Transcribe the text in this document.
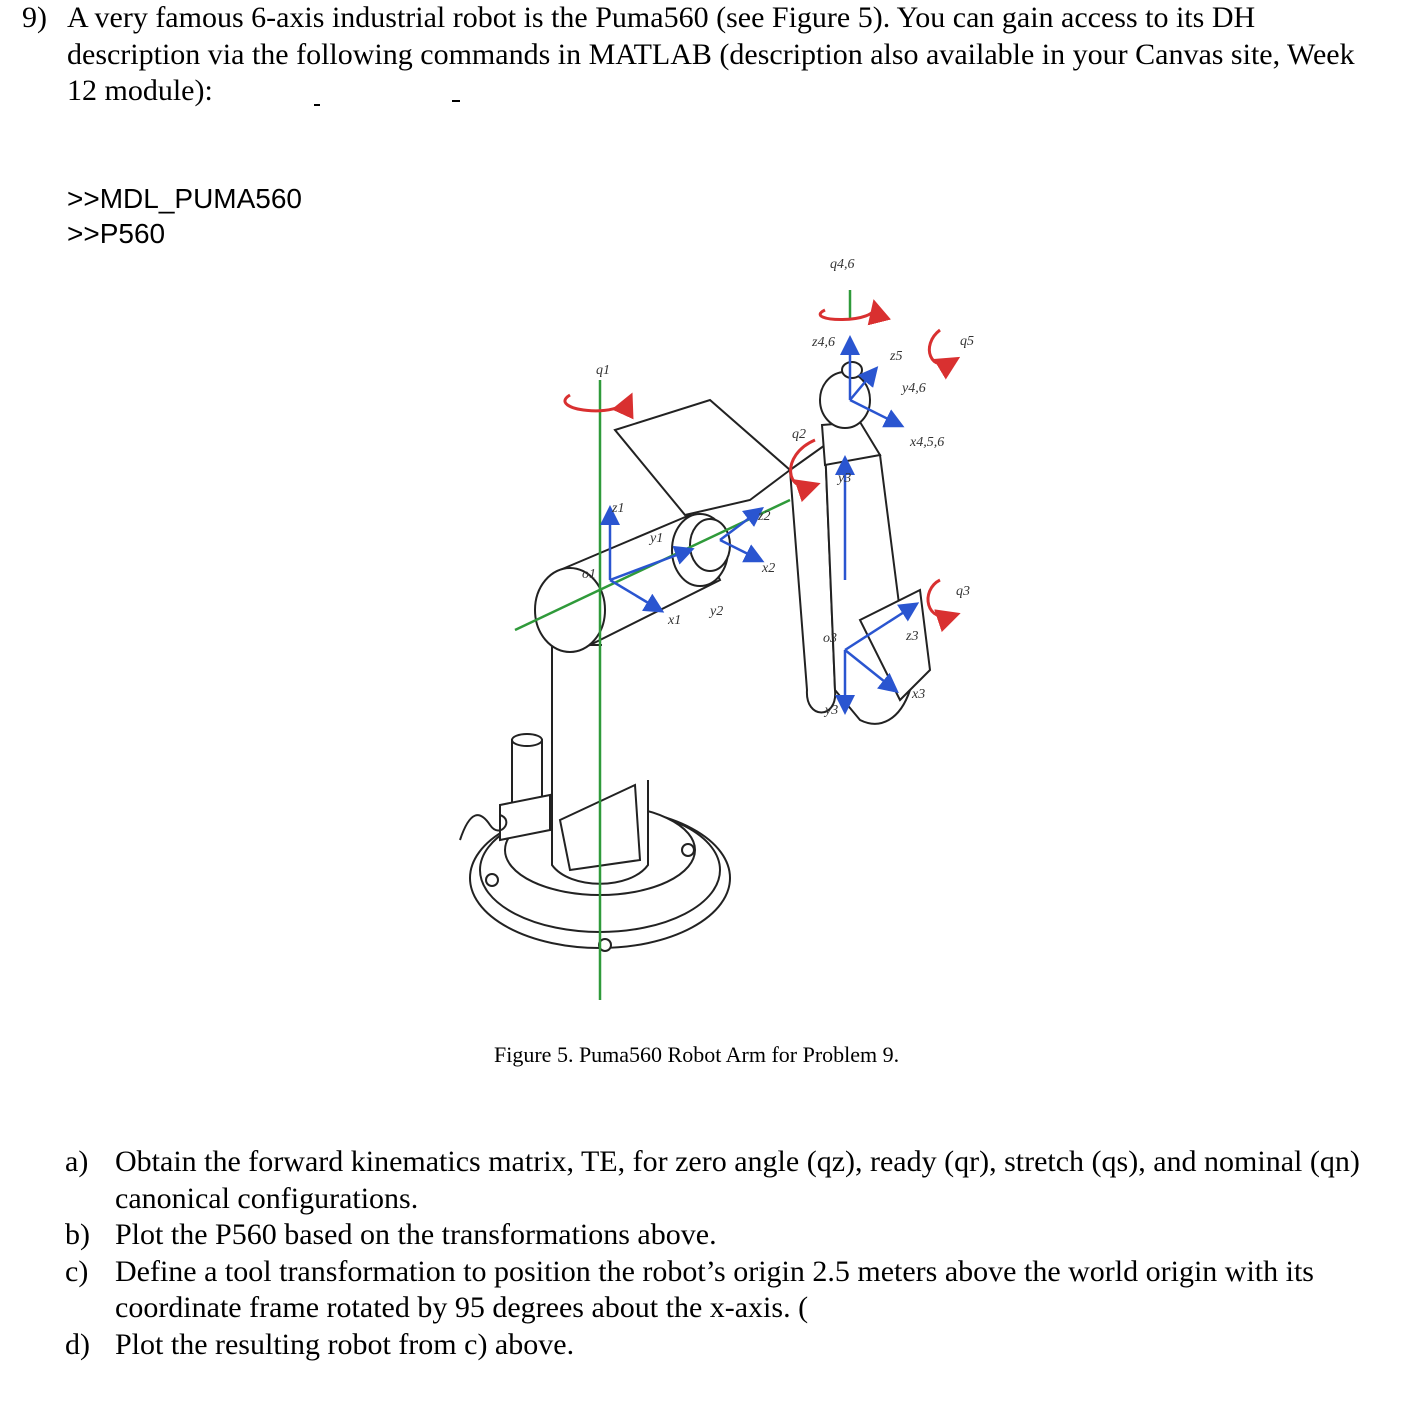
9) A very famous 6-axis industrial robot is the Puma560 (see Figure 5). You can gain access to its DH description via the following commands in MATLAB (description also available in your Canvas site, Week 12 module):
>>MDL_PUMA560
>>P560
q1
q4,6
q5
q2
q3
z1
y1
x1
o1
z2
y2
x2
z4,6
z5
y4,6
x4,5,6
y3
o3	z3
x3
y3
Figure 5. Puma560 Robot Arm for Problem 9.
a) Obtain the forward kinematics matrix, TE, for zero angle (qz), ready (qr), stretch (qs), and nominal (qn) canonical configurations.
b) Plot the P560 based on the transformations above.
c) Define a tool transformation to position the robot’s origin 2.5 meters above the world origin with its coordinate frame rotated by 95 degrees about the x-axis. (
d) Plot the resulting robot from c) above.
